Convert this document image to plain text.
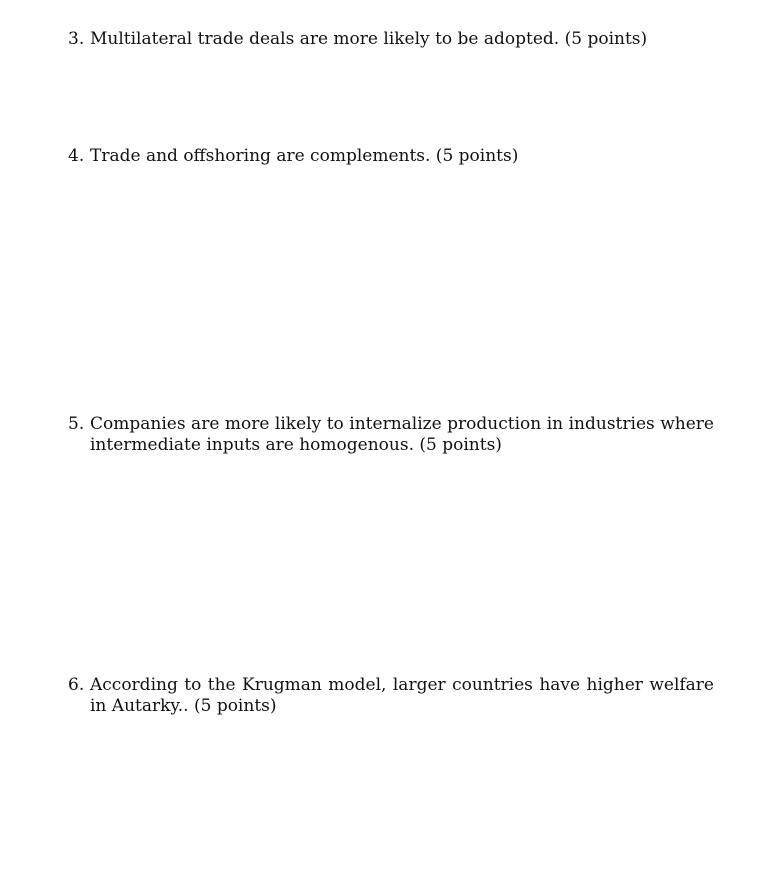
3. Multilateral trade deals are more likely to be adopted. (5 points)
4. Trade and offshoring are complements. (5 points)
5. Companies are more likely to internalize production in industries where intermediate inputs are homogenous. (5 points)
6. According to the Krugman model, larger countries have higher welfare in Autarky.. (5 points)
